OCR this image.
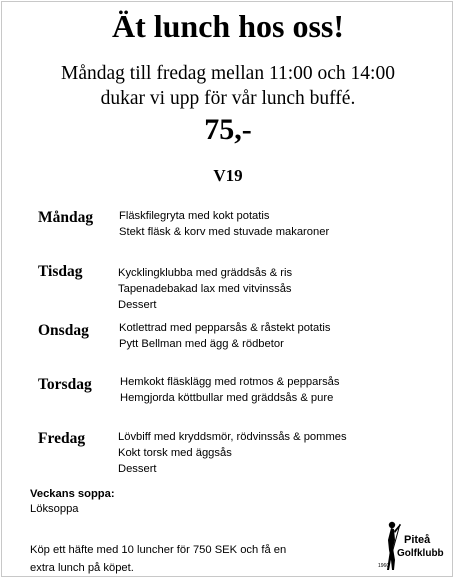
Ät lunch hos oss!
Måndag till fredag mellan 11:00 och 14:00
dukar vi upp för vår lunch buffé.
75,-
V19
Måndag Fläskfilegryta med kokt potatis
Stekt fläsk & korv med stuvade makaroner
Tisdag	Kycklingklubba med gräddsås & ris
Tapenadebakad lax med vitvinssås
Dessert
Onsdag	Kotlettrad med pepparsås & råstekt potatis
Pytt Bellman med ägg & rödbetor
Torsdag	Hemkokt fläsklägg med rotmos & pepparsås
Hemgjorda köttbullar med gräddsås & pure
Fredag	Lövbiff med kryddsmör, rödvinssås & pommes
Kokt torsk med äggsås
Dessert
Veckans soppa:
Löksoppa
Köp ett häfte med 10 luncher för 750 SEK och få en
extra lunch på köpet.
Piteå
Golfklubb
1960
